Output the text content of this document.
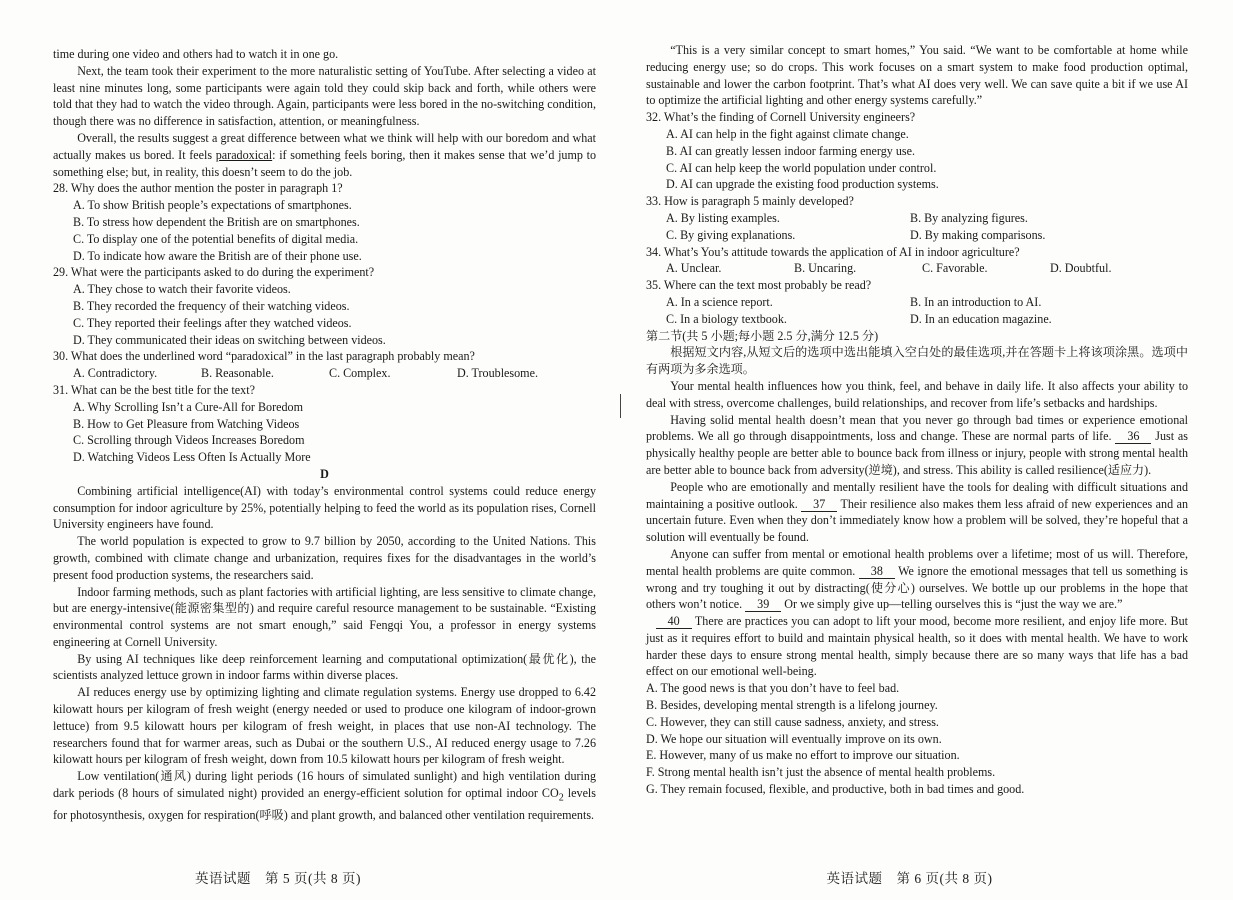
time during one video and others had to watch it in one go.

Next, the team took their experiment to the more naturalistic setting of YouTube. After selecting a video at least nine minutes long, some participants were again told they could skip back and forth, while others were told that they had to watch the video through. Again, participants were less bored in the no-switching condition, though there was no difference in satisfaction, attention, or meaningfulness.

Overall, the results suggest a great difference between what we think will help with our boredom and what actually makes us bored. It feels paradoxical: if something feels boring, then it makes sense that we’d jump to something else; but, in reality, this doesn’t seem to do the job.

28. Why does the author mention the poster in paragraph 1?

A. To show British people’s expectations of smartphones.

B. To stress how dependent the British are on smartphones.

C. To display one of the potential benefits of digital media.

D. To indicate how aware the British are of their phone use.

29. What were the participants asked to do during the experiment?

A. They chose to watch their favorite videos.

B. They recorded the frequency of their watching videos.

C. They reported their feelings after they watched videos.

D. They communicated their ideas on switching between videos.

30. What does the underlined word “paradoxical” in the last paragraph probably mean?

A. Contradictory.	B. Reasonable.	C. Complex.	D. Troublesome.

31. What can be the best title for the text?

A. Why Scrolling Isn’t a Cure-All for Boredom

B. How to Get Pleasure from Watching Videos

C. Scrolling through Videos Increases Boredom

D. Watching Videos Less Often Is Actually More

D

Combining artificial intelligence(AI) with today’s environmental control systems could reduce energy consumption for indoor agriculture by 25%, potentially helping to feed the world as its population rises, Cornell University engineers have found.

The world population is expected to grow to 9.7 billion by 2050, according to the United Nations. This growth, combined with climate change and urbanization, requires fixes for the disadvantages in the world’s present food production systems, the researchers said.

Indoor farming methods, such as plant factories with artificial lighting, are less sensitive to climate change, but are energy-intensive(能源密集型的) and require careful resource management to be sustainable. “Existing environmental control systems are not smart enough,” said Fengqi You, a professor in energy systems engineering at Cornell University.

By using AI techniques like deep reinforcement learning and computational optimization(最优化), the scientists analyzed lettuce grown in indoor farms within diverse places.

AI reduces energy use by optimizing lighting and climate regulation systems. Energy use dropped to 6.42 kilowatt hours per kilogram of fresh weight (energy needed or used to produce one kilogram of indoor-grown lettuce) from 9.5 kilowatt hours per kilogram of fresh weight, in places that use non-AI technology. The researchers found that for warmer areas, such as Dubai or the southern U.S., AI reduced energy usage to 7.26 kilowatt hours per kilogram of fresh weight, down from 10.5 kilowatt hours per kilogram of fresh weight.

Low ventilation(通风) during light periods (16 hours of simulated sunlight) and high ventilation during dark periods (8 hours of simulated night) provided an energy-efficient solution for optimal indoor $CO_2$ levels for photosynthesis, oxygen for respiration(呼吸) and plant growth, and balanced other ventilation requirements.

英语试题 第 5 页(共 8 页)

“This is a very similar concept to smart homes,” You said. “We want to be comfortable at home while reducing energy use; so do crops. This work focuses on a smart system to make food production optimal, sustainable and lower the carbon footprint. That’s what AI does very well. We can save quite a bit if we use AI to optimize the artificial lighting and other energy systems carefully.”

32. What’s the finding of Cornell University engineers?

A. AI can help in the fight against climate change.

B. AI can greatly lessen indoor farming energy use.

C. AI can help keep the world population under control.

D. AI can upgrade the existing food production systems.

33. How is paragraph 5 mainly developed?

A. By listing examples.	B. By analyzing figures.
C. By giving explanations.	D. By making comparisons.

34. What’s You’s attitude towards the application of AI in indoor agriculture?

A. Unclear.	B. Uncaring.	C. Favorable.	D. Doubtful.

35. Where can the text most probably be read?

A. In a science report.	B. In an introduction to AI.
C. In a biology textbook.	D. In an education magazine.

第二节(共 5 小题;每小题 2.5 分,满分 12.5 分)

根据短文内容,从短文后的选项中选出能填入空白处的最佳选项,并在答题卡上将该项涂黑。选项中有两项为多余选项。

Your mental health influences how you think, feel, and behave in daily life. It also affects your ability to deal with stress, overcome challenges, build relationships, and recover from life’s setbacks and hardships.

Having solid mental health doesn’t mean that you never go through bad times or experience emotional problems. We all go through disappointments, loss and change. These are normal parts of life. 36 Just as physically healthy people are better able to bounce back from illness or injury, people with strong mental health are better able to bounce back from adversity(逆境), and stress. This ability is called resilience(适应力).

People who are emotionally and mentally resilient have the tools for dealing with difficult situations and maintaining a positive outlook. 37 Their resilience also makes them less afraid of new experiences and an uncertain future. Even when they don’t immediately know how a problem will be solved, they’re hopeful that a solution will eventually be found.

Anyone can suffer from mental or emotional health problems over a lifetime; most of us will. Therefore, mental health problems are quite common. 38 We ignore the emotional messages that tell us something is wrong and try toughing it out by distracting(使分心) ourselves. We bottle up our problems in the hope that others won’t notice. 39 Or we simply give up—telling ourselves this is “just the way we are.”

40 There are practices you can adopt to lift your mood, become more resilient, and enjoy life more. But just as it requires effort to build and maintain physical health, so it does with mental health. We have to work harder these days to ensure strong mental health, simply because there are so many ways that life has a bad effect on our emotional well-being.

A. The good news is that you don’t have to feel bad.

B. Besides, developing mental strength is a lifelong journey.

C. However, they can still cause sadness, anxiety, and stress.

D. We hope our situation will eventually improve on its own.

E. However, many of us make no effort to improve our situation.

F. Strong mental health isn’t just the absence of mental health problems.

G. They remain focused, flexible, and productive, both in bad times and good.

英语试题 第 6 页(共 8 页)
